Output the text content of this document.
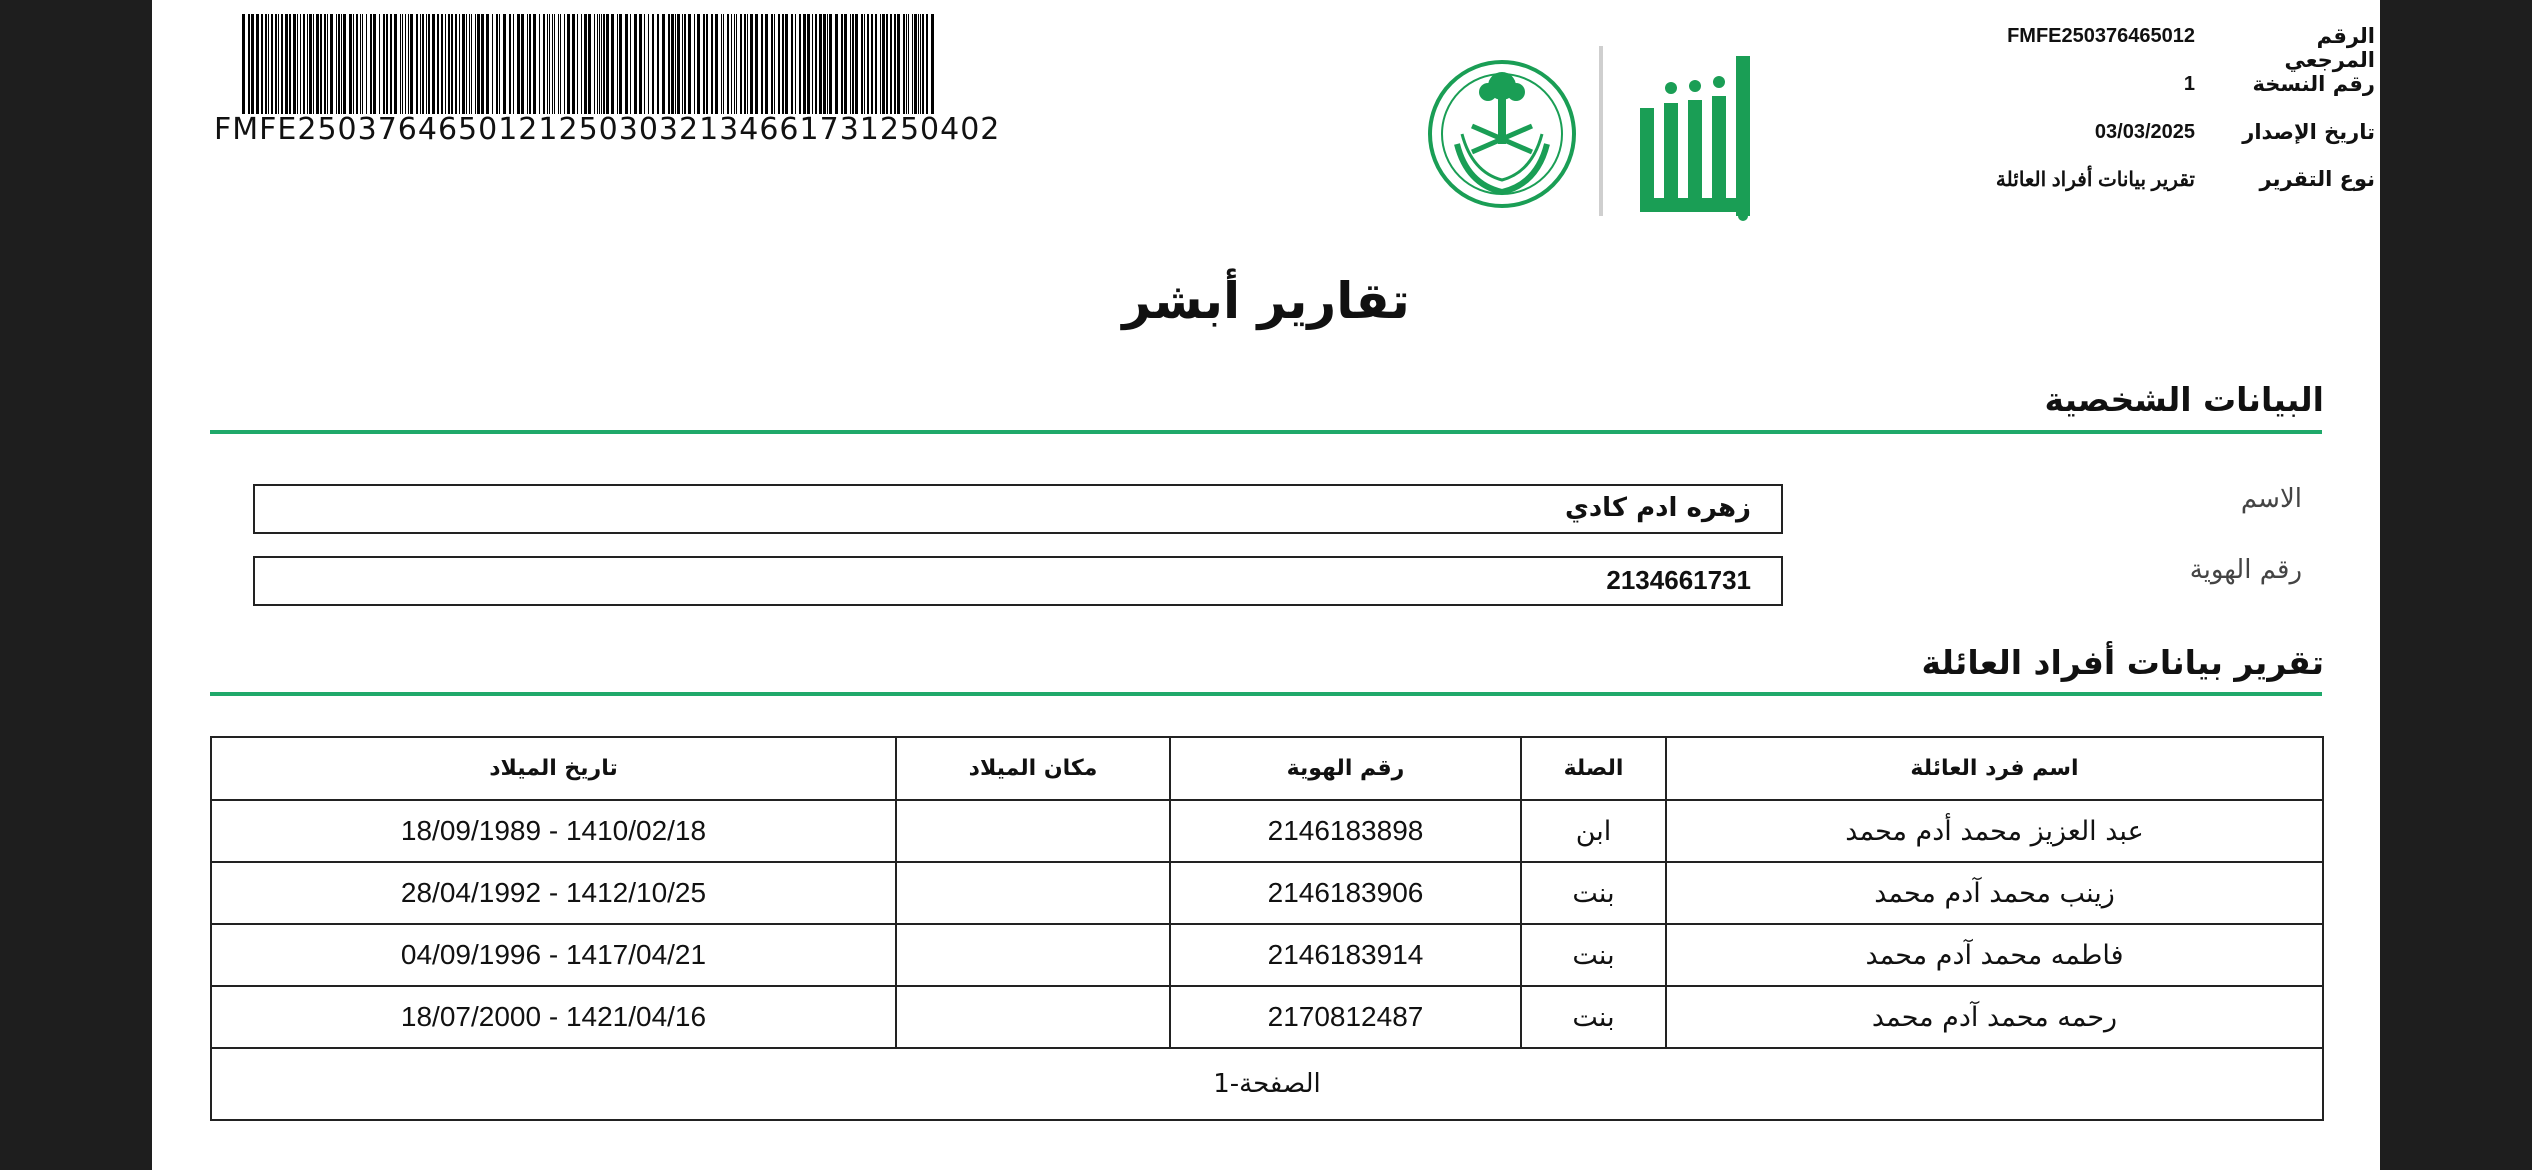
FMFE2503764650121250303213466173125040​2
الرقم المرجعي
FMFE250376465012
رقم النسخة
1
تاريخ الإصدار
03/03/2025
نوع التقرير
تقرير بيانات أفراد العائلة
تقارير أبشر
البيانات الشخصية
الاسم
زهره ادم كادي
رقم الهوية
2134661731
تقرير بيانات أفراد العائلة
اسم فرد العائلة	الصلة	رقم الهوية	مكان الميلاد	تاريخ الميلاد
عبد العزيز محمد أدم محمد	ابن	2146183898		1410/02/18 - 18/09/1989
زينب محمد آدم محمد	بنت	2146183906		1412/10/25 - 28/04/1992
فاطمه محمد آدم محمد	بنت	2146183914		1417/04/21 - 04/09/1996
رحمه محمد آدم محمد	بنت	2170812487		1421/04/16 - 18/07/2000
الصفحة-1				
